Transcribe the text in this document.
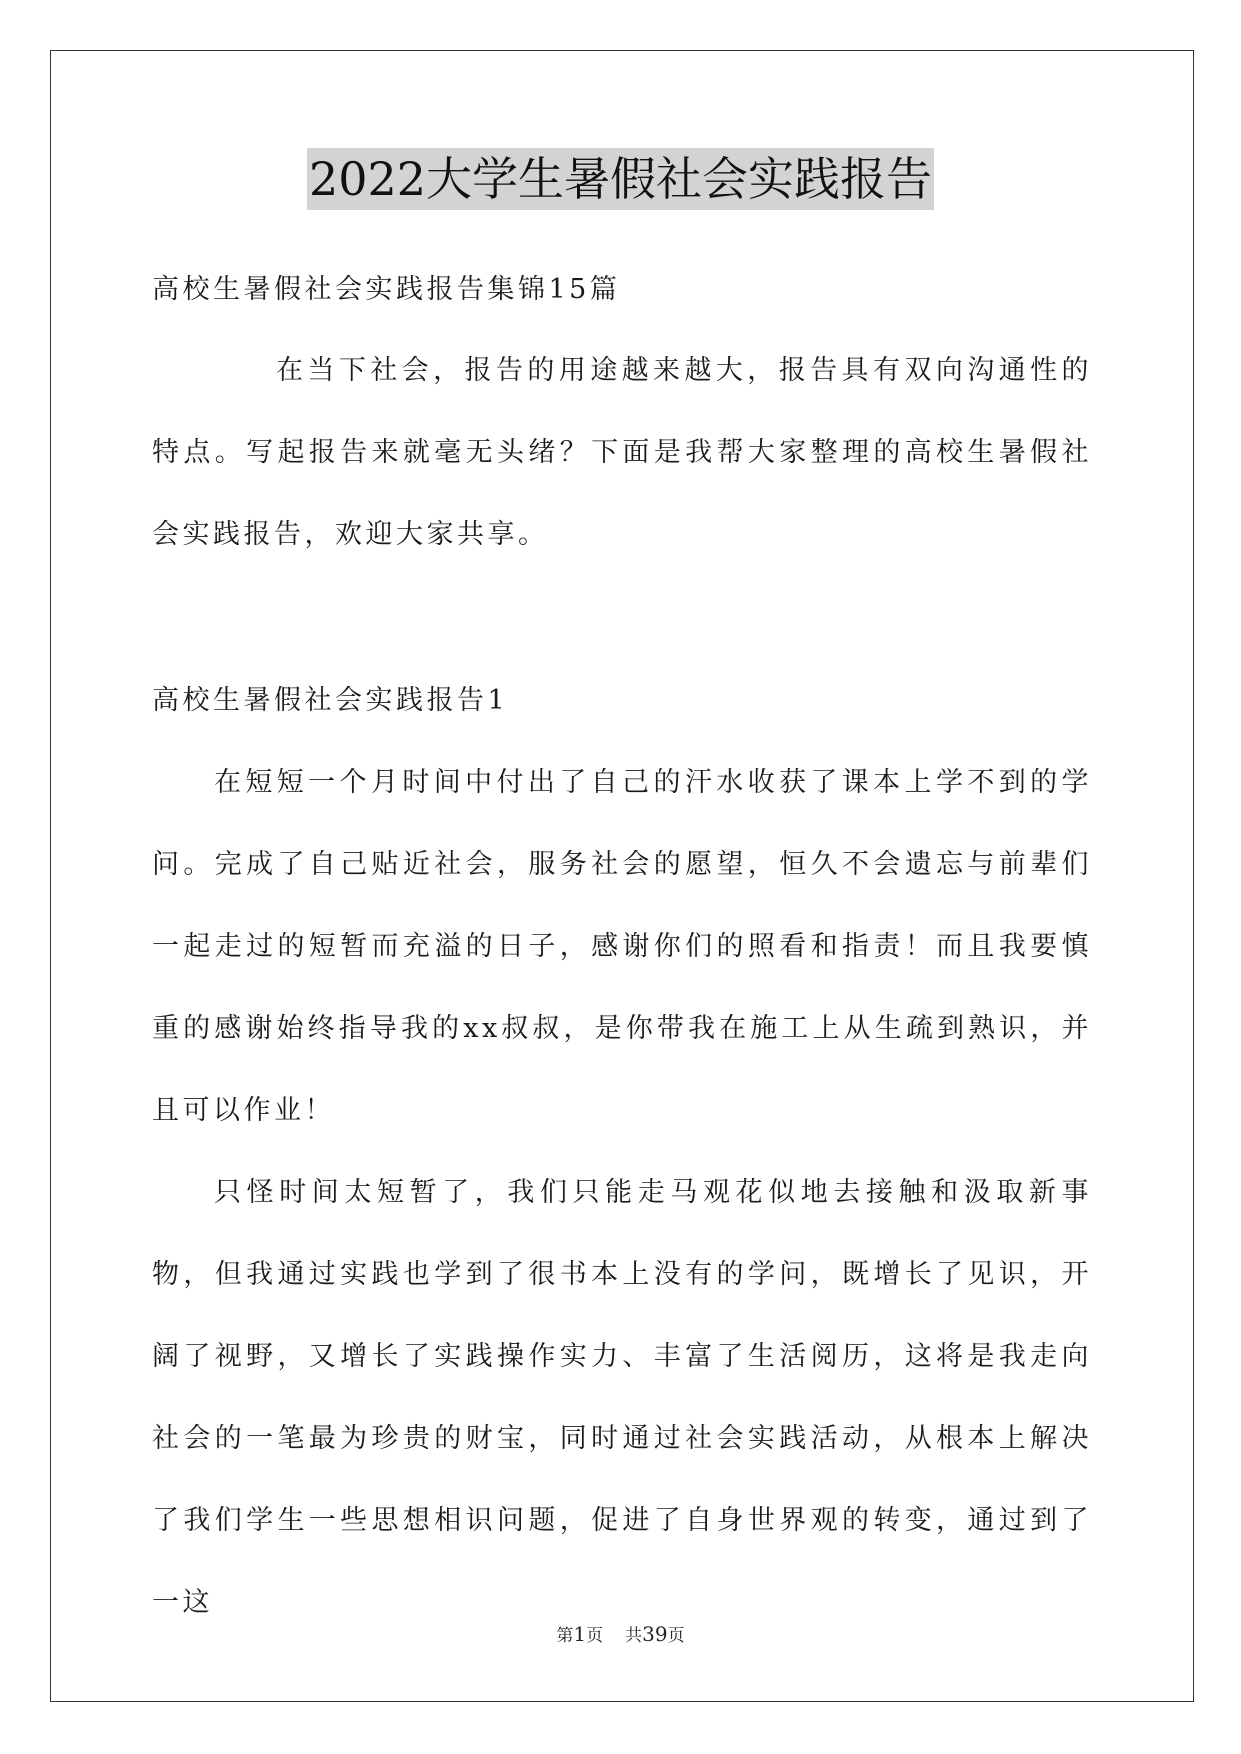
2022大学生暑假社会实践报告

高校生暑假社会实践报告集锦15篇

在当下社会，报告的用途越来越大，报告具有双向沟通性的特点。写起报告来就毫无头绪？下面是我帮大家整理的高校生暑假社会实践报告，欢迎大家共享。

高校生暑假社会实践报告1

在短短一个月时间中付出了自己的汗水收获了课本上学不到的学问。完成了自己贴近社会，服务社会的愿望，恒久不会遗忘与前辈们一起走过的短暂而充溢的日子，感谢你们的照看和指责！而且我要慎重的感谢始终指导我的xx叔叔，是你带我在施工上从生疏到熟识，并且可以作业！

只怪时间太短暂了，我们只能走马观花似地去接触和汲取新事物，但我通过实践也学到了很书本上没有的学问，既增长了见识，开阔了视野，又增长了实践操作实力、丰富了生活阅历，这将是我走向社会的一笔最为珍贵的财宝，同时通过社会实践活动，从根本上解决了我们学生一些思想相识问题，促进了自身世界观的转变，通过到了一这

第1页 共39页
